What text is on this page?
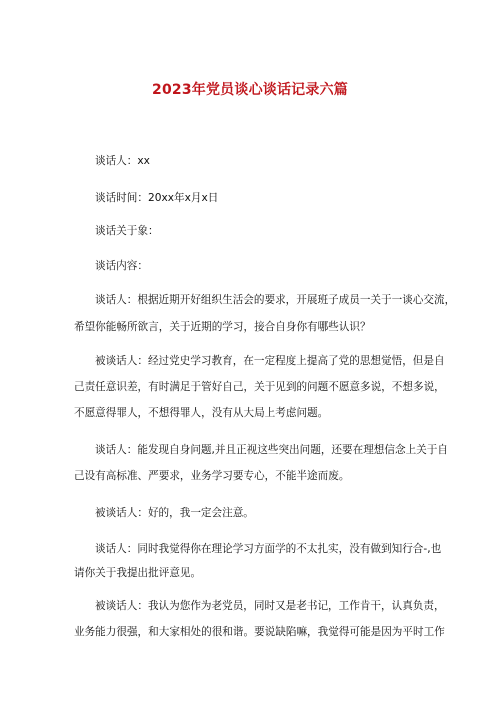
2023年党员谈心谈话记录六篇
谈话人：xx
谈话时间：20xx年x月x日
谈话关于象：
谈话内容：
谈话人：根据近期开好组织生活会的要求，开展班子成员一关于一谈心交流，
希望你能畅所欲言，关于近期的学习，接合自身你有哪些认识？
被谈话人：经过党史学习教育，在一定程度上提高了党的思想觉悟，但是自
己责任意识差，有时满足于管好自己，关于见到的问题不愿意多说，不想多说，
不愿意得罪人，不想得罪人，没有从大局上考虑问题。
谈话人：能发现自身问题,并且正视这些突出问题，还要在理想信念上关于自
己设有高标准、严要求，业务学习要专心，不能半途而废。
被谈话人：好的，我一定会注意。
谈话人：同时我觉得你在理论学习方面学的不太扎实，没有做到知行合-,也
请你关于我提出批评意见。
被谈话人：我认为您作为老党员，同时又是老书记，工作肯干，认真负责，
业务能力很强，和大家相处的很和谐。要说缺陷嘛，我觉得可能是因为平时工作
